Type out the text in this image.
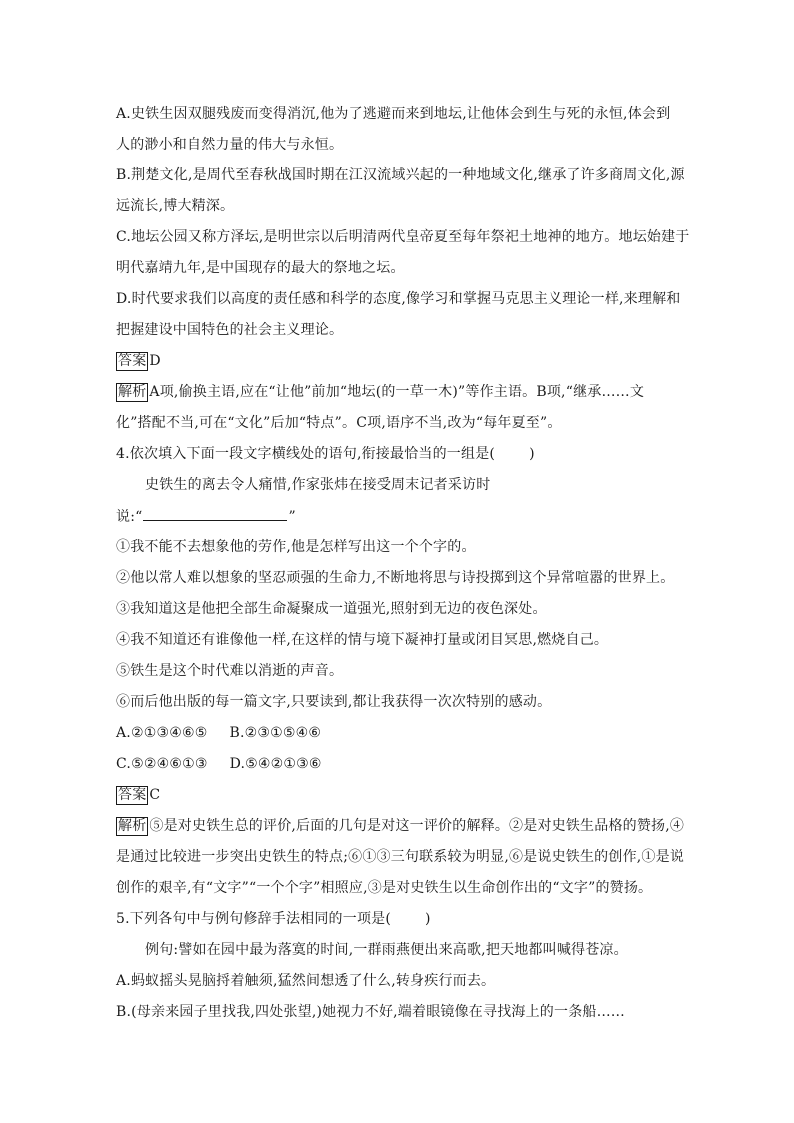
A.史铁生因双腿残废而变得消沉,他为了逃避而来到地坛,让他体会到生与死的永恒,体会到
人的渺小和自然力量的伟大与永恒。
B.荆楚文化,是周代至春秋战国时期在江汉流域兴起的一种地域文化,继承了许多商周文化,源
远流长,博大精深。
C.地坛公园又称方泽坛,是明世宗以后明清两代皇帝夏至每年祭祀土地神的地方。地坛始建于
明代嘉靖九年,是中国现存的最大的祭地之坛。
D.时代要求我们以高度的责任感和科学的态度,像学习和掌握马克思主义理论一样,来理解和
把握建设中国特色的社会主义理论。
答案 D
解析 A项,偷换主语,应在“让他”前加“地坛(的一草一木)”等作主语。B项,“继承……文
化”搭配不当,可在“文化”后加“特点”。C项,语序不当,改为“每年夏至”。
4.依次填入下面一段文字横线处的语句,衔接最恰当的一组是( )
史铁生的离去令人痛惜,作家张炜在接受周末记者采访时
说:“	”
①我不能不去想象他的劳作,他是怎样写出这一个个字的。
②他以常人难以想象的坚忍顽强的生命力,不断地将思与诗投掷到这个异常喧嚣的世界上。
③我知道这是他把全部生命凝聚成一道强光,照射到无边的夜色深处。
④我不知道还有谁像他一样,在这样的情与境下凝神打量或闭目冥思,燃烧自己。
⑤铁生是这个时代难以消逝的声音。
⑥而后他出版的每一篇文字,只要读到,都让我获得一次次特别的感动。
A.②①③④⑥⑤ B.②③①⑤④⑥
C.⑤②④⑥①③ D.⑤④②①③⑥
答案 C
解析 ⑤是对史铁生总的评价,后面的几句是对这一评价的解释。②是对史铁生品格的赞扬,④
是通过比较进一步突出史铁生的特点;⑥①③三句联系较为明显,⑥是说史铁生的创作,①是说
创作的艰辛,有“文字”“一个个字”相照应,③是对史铁生以生命创作出的“文字”的赞扬。
5.下列各句中与例句修辞手法相同的一项是( )
例句:譬如在园中最为落寞的时间,一群雨燕便出来高歌,把天地都叫喊得苍凉。
A.蚂蚁摇头晃脑捋着触须,猛然间想透了什么,转身疾行而去。
B.(母亲来园子里找我,四处张望,)她视力不好,端着眼镜像在寻找海上的一条船……
